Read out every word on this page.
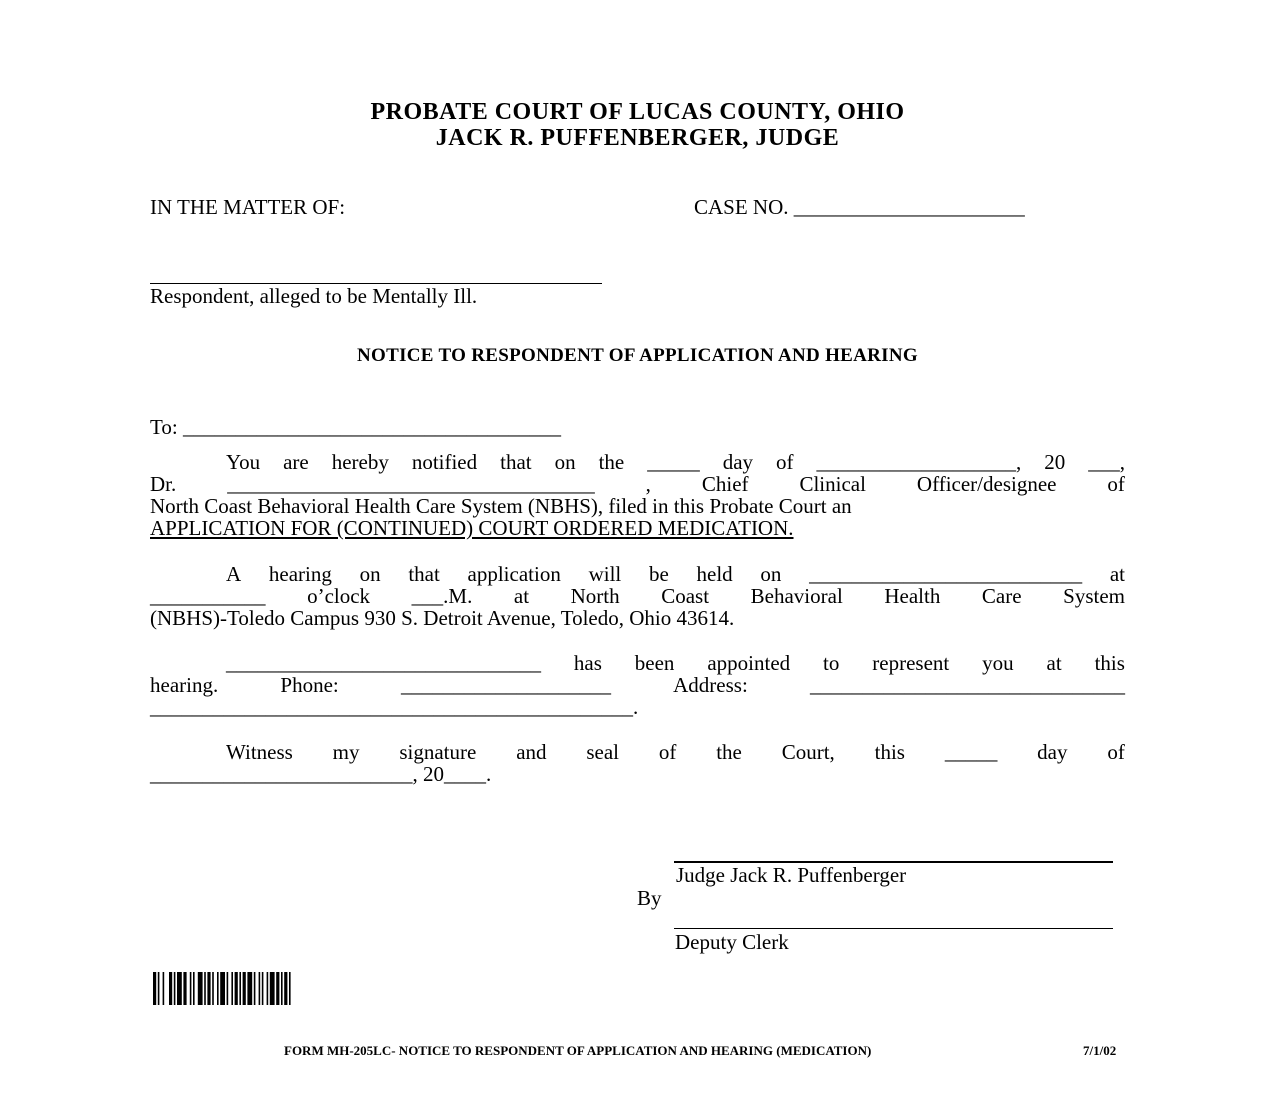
PROBATE COURT OF LUCAS COUNTY, OHIO
JACK R. PUFFENBERGER, JUDGE
IN THE MATTER OF:	CASE NO. ______________________
Respondent, alleged to be Mentally Ill.
NOTICE TO RESPONDENT OF APPLICATION AND HEARING
To: ____________________________________
You are hereby notified that on the _____ day of ___________________, 20 ___,
Dr. ___________________________________ , Chief Clinical Officer/designee of
North Coast Behavioral Health Care System (NBHS), filed in this Probate Court an
APPLICATION FOR (CONTINUED) COURT ORDERED MEDICATION.
A hearing on that application will be held on __________________________ at
___________ o’clock ___.M. at North Coast Behavioral Health Care System
(NBHS)-Toledo Campus 930 S. Detroit Avenue, Toledo, Ohio 43614.
______________________________ has been appointed to represent you at this
hearing.	Phone:	____________________	Address:	______________________________
______________________________________________.
Witness my signature and seal of the Court, this _____ day of
_________________________, 20____.
Judge Jack R. Puffenberger
By
Deputy Clerk
FORM MH-205LC- NOTICE TO RESPONDENT OF APPLICATION AND HEARING (MEDICATION)	7/1/02
